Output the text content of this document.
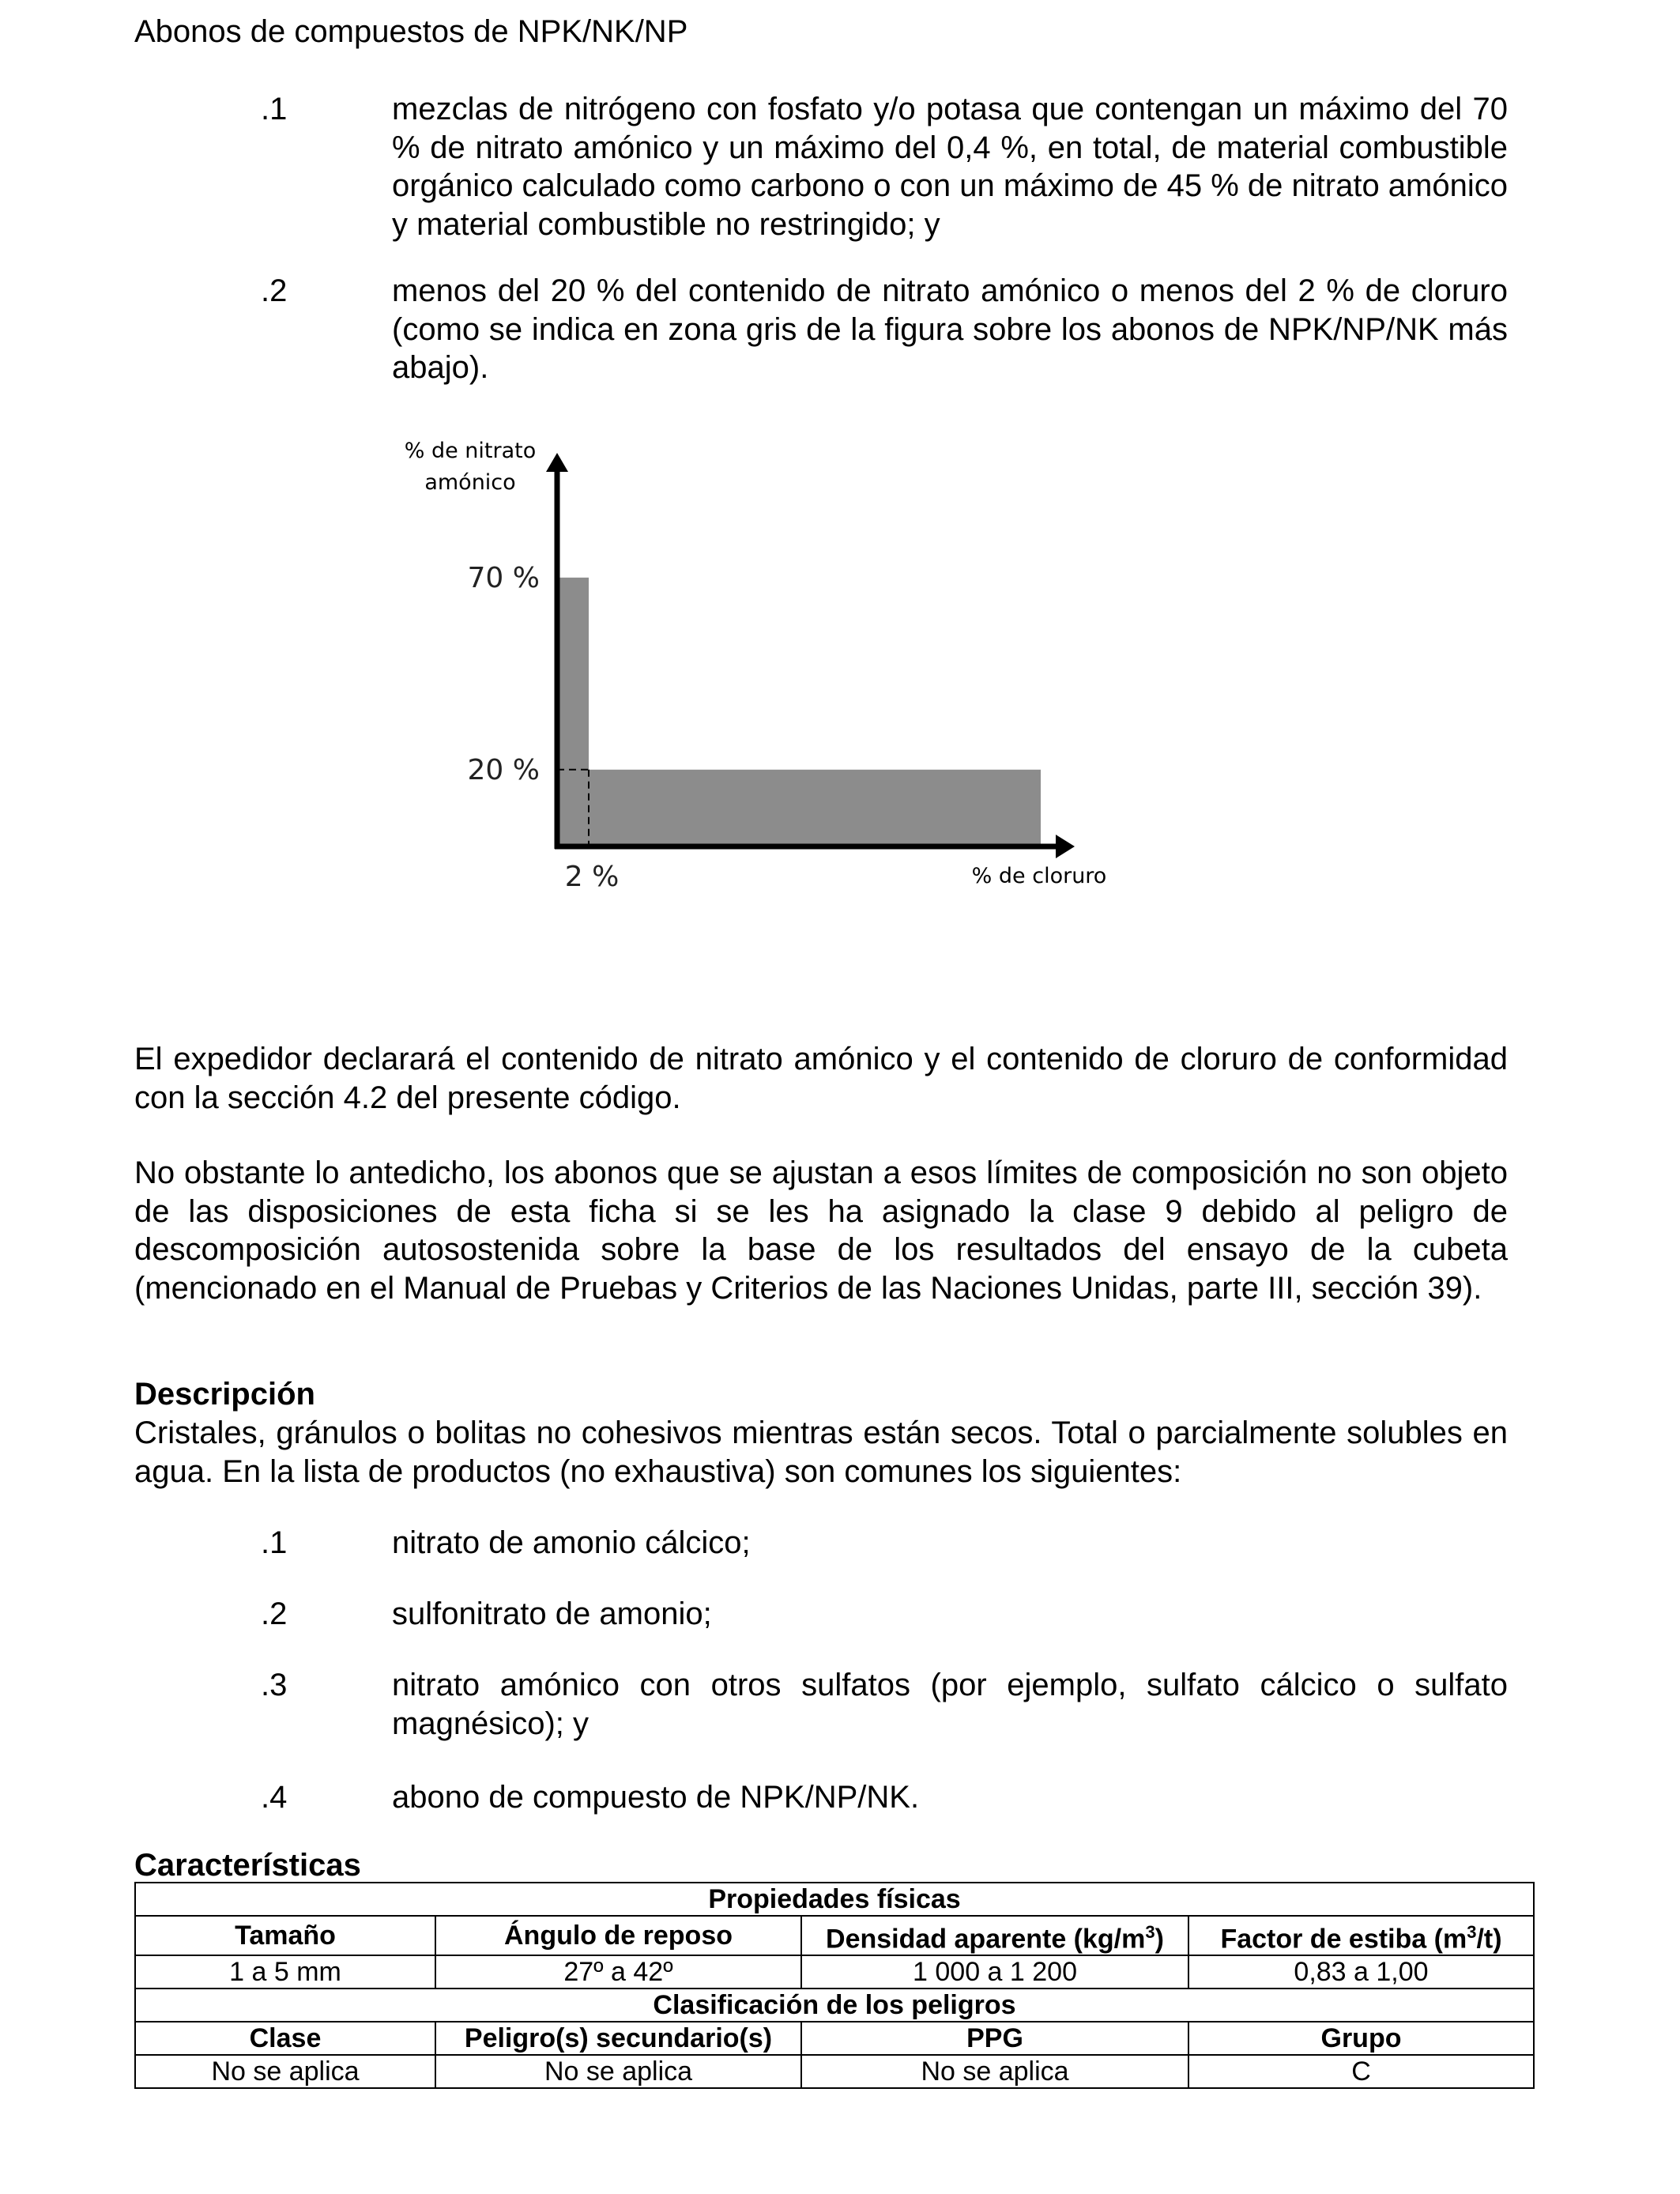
Abonos de compuestos de NPK/NK/NP
.1	mezclas de nitrógeno con fosfato y/o potasa que contengan un máximo del 70 % de nitrato amónico y un máximo del 0,4 %, en total, de material combustible orgánico calculado como carbono o con un máximo de 45 % de nitrato amónico y material combustible no restringido; y
.2	menos del 20 % del contenido de nitrato amónico o menos del 2 % de cloruro (como se indica en zona gris de la figura sobre los abonos de NPK/NP/NK más abajo).
% de nitrato
amónico
70 %
20 %
2 %	% de cloruro
El expedidor declarará el contenido de nitrato amónico y el contenido de cloruro de conformidad con la sección 4.2 del presente código.
No obstante lo antedicho, los abonos que se ajustan a esos límites de composición no son objeto de las disposiciones de esta ficha si se les ha asignado la clase 9 debido al peligro de descomposición autosostenida sobre la base de los resultados del ensayo de la cubeta (mencionado en el Manual de Pruebas y Criterios de las Naciones Unidas, parte III, sección 39).
Descripción
Cristales, gránulos o bolitas no cohesivos mientras están secos. Total o parcialmente solubles en agua. En la lista de productos (no exhaustiva) son comunes los siguientes:
.1	nitrato de amonio cálcico;
.2	sulfonitrato de amonio;
.3	nitrato amónico con otros sulfatos (por ejemplo, sulfato cálcico o sulfato magnésico); y
.4	abono de compuesto de NPK/NP/NK.
Características
Propiedades físicas			
Tamaño	Ángulo de reposo	Densidad aparente $(kg/m^3)$	Factor de estiba $(m^3/t)$
1 a 5 mm	27º a 42º	1 000 a 1 200	0,83 a 1,00
Clasificación de los peligros			
Clase	Peligro(s) secundario(s)	PPG	Grupo
No se aplica	No se aplica	No se aplica	C
